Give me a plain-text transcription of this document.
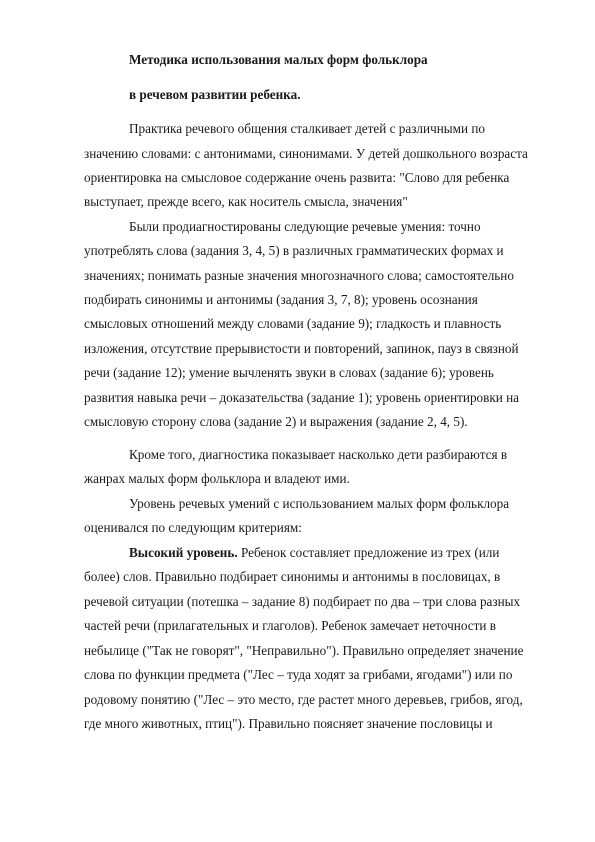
Методика использования малых форм фольклора
в речевом развитии ребенка.
Практика речевого общения сталкивает детей с различными по
значению словами: с антонимами, синонимами. У детей дошкольного возраста
ориентировка на смысловое содержание очень развита: "Слово для ребенка
выступает, прежде всего, как носитель смысла, значения"
Были продиагностированы следующие речевые умения: точно
употреблять слова (задания 3, 4, 5) в различных грамматических формах и
значениях; понимать разные значения многозначного слова; самостоятельно
подбирать синонимы и антонимы (задания 3, 7, 8); уровень осознания
смысловых отношений между словами (задание 9); гладкость и плавность
изложения, отсутствие прерывистости и повторений, запинок, пауз в связной
речи (задание 12); умение вычленять звуки в словах (задание 6); уровень
развития навыка речи – доказательства (задание 1); уровень ориентировки на
смысловую сторону слова (задание 2) и выражения (задание 2, 4, 5).
Кроме того, диагностика показывает насколько дети разбираются в
жанрах малых форм фольклора и владеют ими.
Уровень речевых умений с использованием малых форм фольклора
оценивался по следующим критериям:
Высокий уровень. Ребенок составляет предложение из трех (или
более) слов. Правильно подбирает синонимы и антонимы в пословицах, в
речевой ситуации (потешка – задание 8) подбирает по два – три слова разных
частей речи (прилагательных и глаголов). Ребенок замечает неточности в
небылице ("Так не говорят", "Неправильно"). Правильно определяет значение
слова по функции предмета ("Лес – туда ходят за грибами, ягодами") или по
родовому понятию ("Лес – это место, где растет много деревьев, грибов, ягод,
где много животных, птиц"). Правильно поясняет значение пословицы и
